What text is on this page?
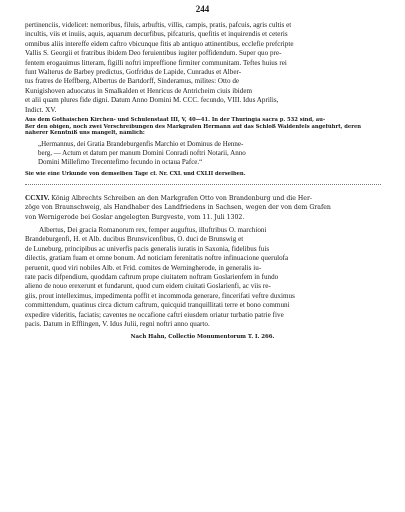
244
pertinenciis, videlicet: nemoribus, filuis, arbuftis, villis, campis, pratis, pafcuis, agris cultis et
incultis, viis et inuiis, aquis, aquarum decurfibus, pifcaturis, quefitis et inquirendis et ceteris
omnibus aliis intereffe eidem caftro vbicunque fitis ab antiquo attinentibus, ecclefie prefcripte
Vallis S. Georgii et fratribus ibidem Deo feruientibus iugiter poffidendum. Super quo pre-
fentem erogauimus litteram, figilli noftri impreffione firmiter communitam. Teftes huius rei
funt Walterus de Barbey predictus, Gotfridus de Lapide, Cunradus et Alber-
tus fratres de Heffberg, Albertus de Bartdorff, Sinderamus, milites: Otto de
Kunigishoven aduocatus in Smalkalden et Henricus de Antricheim ciuis ibidem
et alii quam plures fide digni. Datum Anno Domini M. CCC. fecundo, VIII. Idus Aprilis,
Indict. XV.
Aus dem Gothaischen Kirchen- und Schulenstaat III, V, 40—41. In der Thuringia sacra p. 532 sind, au-
ßer den obigen, noch zwei Verschreibungen des Markgrafen Hermann auf das Schloß Waldenfels angeführt, deren
näherer Kenntniß uns mangelt, nämlich:
„Hermannus, dei Gratia Brandeburgenfis Marchio et Dominus de Henne-
berg, — Actum et datum per manum Domini Conradi noftri Notarii, Anno
Domini Millefimo Trecentefimo fecundo in octaua Pafce.“
Sie wie eine Urkunde von demselben Tage cf. Nr. CXL und CXLII derselben.
CCXIV. König Albrechts Schreiben an den Markgrafen Otto von Brandenburg und die Her-
zöge von Braunschweig, als Handhaber des Landfriedens in Sachsen, wegen der von dem Grafen
von Wernigerode bei Goslar angelegten Burgveste, vom 11. Juli 1302.
Albertus, Dei gracia Romanorum rex, femper auguftus, illuftribus O. marchioni
Brandeburgenfi, H. et Alb. ducibus Brunsvicenfibus, O. duci de Brunswig et
de Luneburg, principibus ac univerfis pacis generalis iuratis in Saxonia, fidelibus fuis
dilectis, gratiam fuam et omne bonum. Ad noticiam ferenitatis noftre infinuacione querulofa
peruenit, quod viri nobiles Alb. et Frid. comites de Werningherode, in generalis iu-
rate pacis difpendium, quoddam caftrum prope ciuitatem noftram Goslarienfem in fundo
alieno de nouo erexerunt et fundarunt, quod cum eidem ciuitati Goslarienfi, ac viis re-
giis, prout intelleximus, impedimenta poffit et incommoda generare, fincerifati veftre duximus
committendum, quatinus circa dictum caftrum, quicquid tranquillitati terre et bono communi
expedire videritis, faciatis; caventes ne occafione caftri eiusdem oriatur turbatio patrie five
pacis. Datum in Efflingen, V. Idus Julii, regni noftri anno quarto.
Nach Hahn, Collectio Monumentorum T. I. 266.
